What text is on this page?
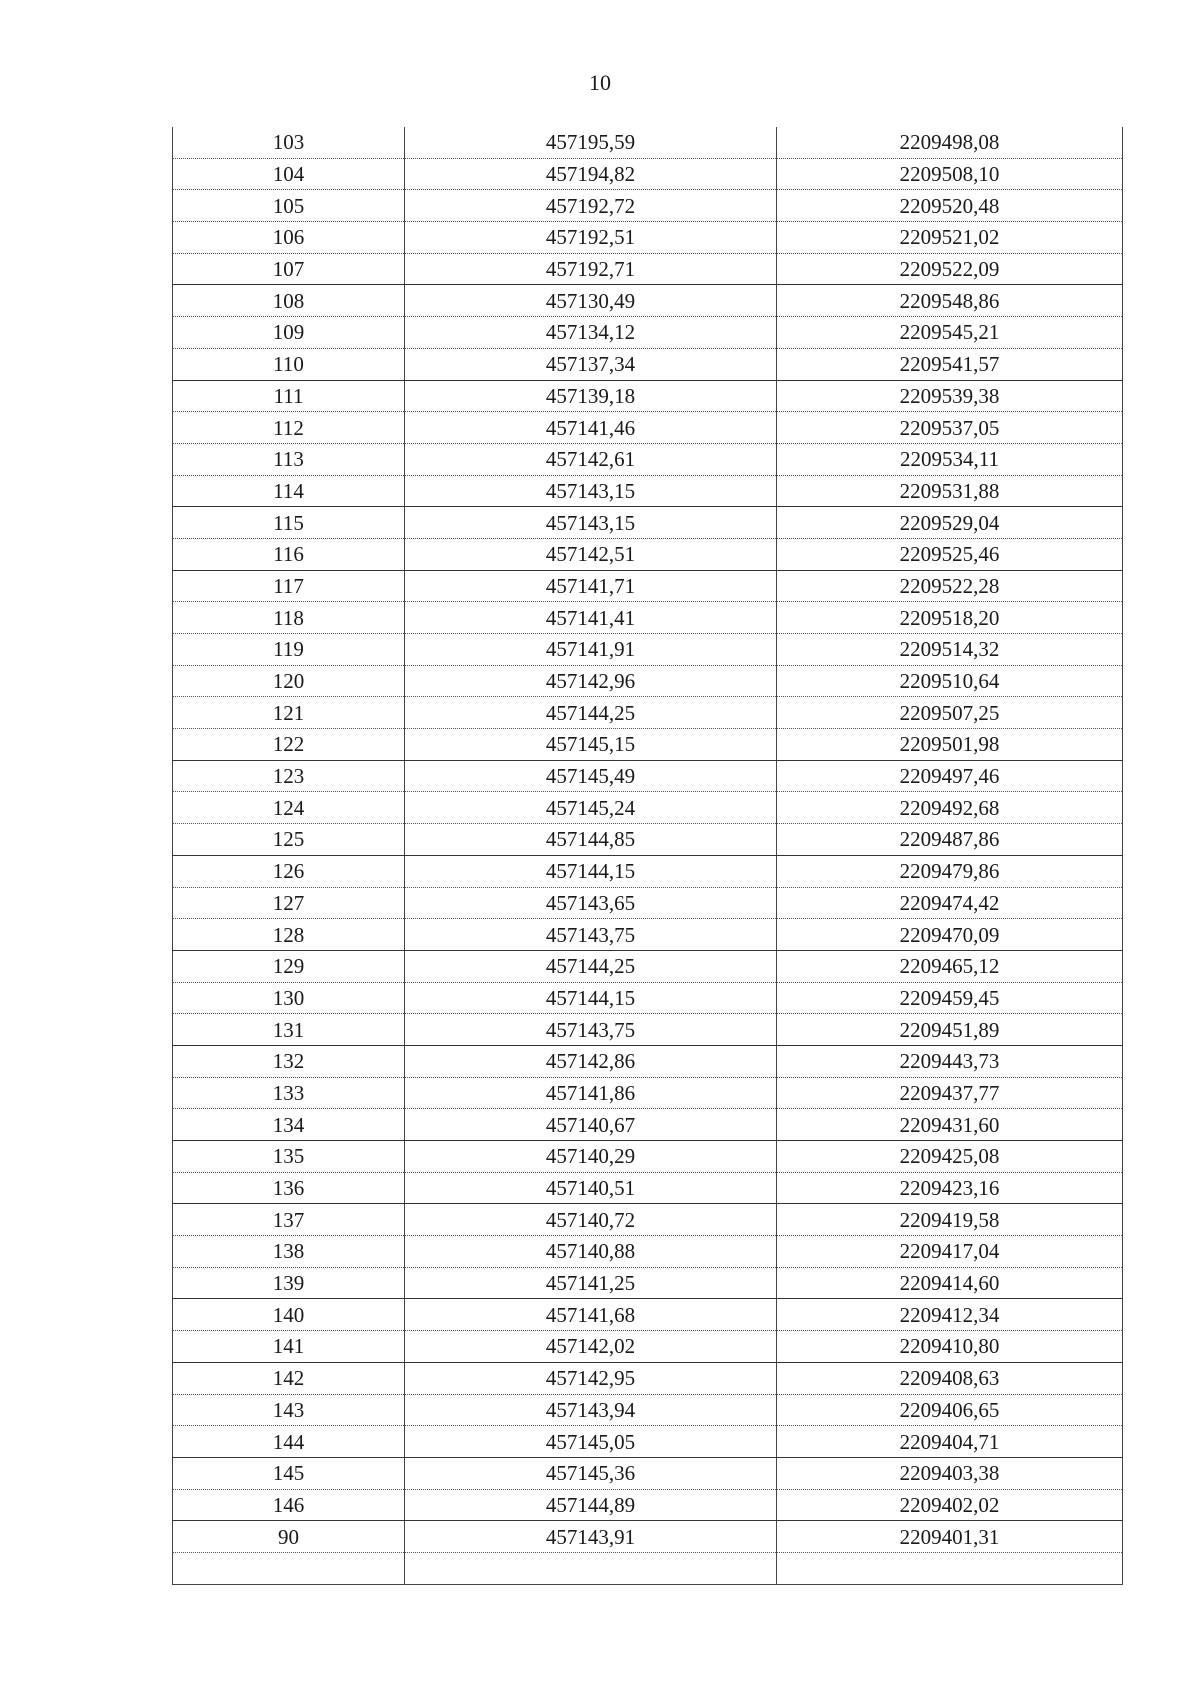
10
103	457195,59	2209498,08
104	457194,82	2209508,10
105	457192,72	2209520,48
106	457192,51	2209521,02
107	457192,71	2209522,09
108	457130,49	2209548,86
109	457134,12	2209545,21
110	457137,34	2209541,57
111	457139,18	2209539,38
112	457141,46	2209537,05
113	457142,61	2209534,11
114	457143,15	2209531,88
115	457143,15	2209529,04
116	457142,51	2209525,46
117	457141,71	2209522,28
118	457141,41	2209518,20
119	457141,91	2209514,32
120	457142,96	2209510,64
121	457144,25	2209507,25
122	457145,15	2209501,98
123	457145,49	2209497,46
124	457145,24	2209492,68
125	457144,85	2209487,86
126	457144,15	2209479,86
127	457143,65	2209474,42
128	457143,75	2209470,09
129	457144,25	2209465,12
130	457144,15	2209459,45
131	457143,75	2209451,89
132	457142,86	2209443,73
133	457141,86	2209437,77
134	457140,67	2209431,60
135	457140,29	2209425,08
136	457140,51	2209423,16
137	457140,72	2209419,58
138	457140,88	2209417,04
139	457141,25	2209414,60
140	457141,68	2209412,34
141	457142,02	2209410,80
142	457142,95	2209408,63
143	457143,94	2209406,65
144	457145,05	2209404,71
145	457145,36	2209403,38
146	457144,89	2209402,02
90	457143,91	2209401,31
